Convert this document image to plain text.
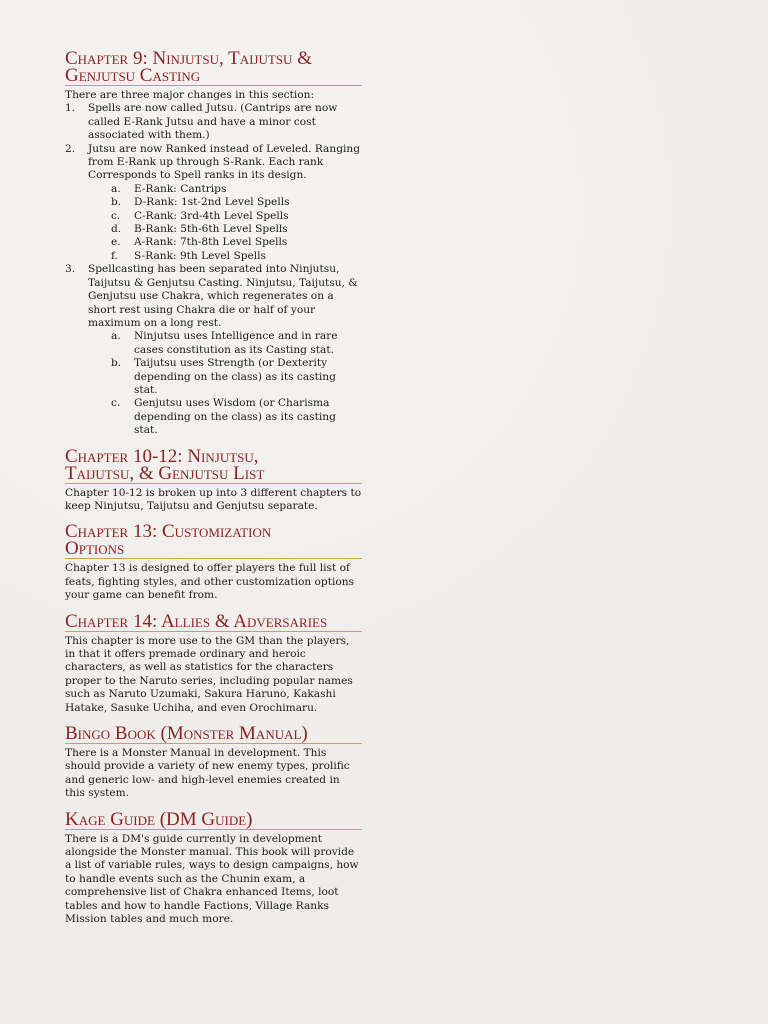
Chapter 9: Ninjutsu, Taijutsu &
Genjutsu Casting

There are three major changes in this section:

1.	Spells are now called Jutsu. (Cantrips are now called E-Rank Jutsu and have a minor cost associated with them.)
2.	Jutsu are now Ranked instead of Leveled. Ranging from E-Rank up through S-Rank. Each rank Corresponds to Spell ranks in its design.
a.	E-Rank: Cantrips
b.	D-Rank: 1st-2nd Level Spells
c.	C-Rank: 3rd-4th Level Spells
d.	B-Rank: 5th-6th Level Spells
e.	A-Rank: 7th-8th Level Spells
f.	S-Rank: 9th Level Spells
3.	Spellcasting has been separated into Ninjutsu, Taijutsu & Genjutsu Casting. Ninjutsu, Taijutsu, & Genjutsu use Chakra, which regenerates on a short rest using Chakra die or half of your maximum on a long rest.
a.	Ninjutsu uses Intelligence and in rare cases constitution as its Casting stat.
b.	Taijutsu uses Strength (or Dexterity depending on the class) as its casting stat.
c.	Genjutsu uses Wisdom (or Charisma depending on the class) as its casting stat.
Chapter 10-12: Ninjutsu,
Taijutsu, & Genjutsu List

Chapter 10-12 is broken up into 3 different chapters to keep Ninjutsu, Taijutsu and Genjutsu separate.

Chapter 13: Customization
Options

Chapter 13 is designed to offer players the full list of feats, fighting styles, and other customization options your game can benefit from.

Chapter 14: Allies & Adversaries

This chapter is more use to the GM than the players, in that it offers premade ordinary and heroic characters, as well as statistics for the characters proper to the Naruto series, including popular names such as Naruto Uzumaki, Sakura Haruno, Kakashi Hatake, Sasuke Uchiha, and even Orochimaru.

Bingo Book (Monster Manual)

There is a Monster Manual in development. This should provide a variety of new enemy types, prolific and generic low- and high-level enemies created in this system.

Kage Guide (DM Guide)

There is a DM's guide currently in development alongside the Monster manual. This book will provide a list of variable rules, ways to design campaigns, how to handle events such as the Chunin exam, a comprehensive list of Chakra enhanced Items, loot tables and how to handle Factions, Village Ranks Mission tables and much more.
